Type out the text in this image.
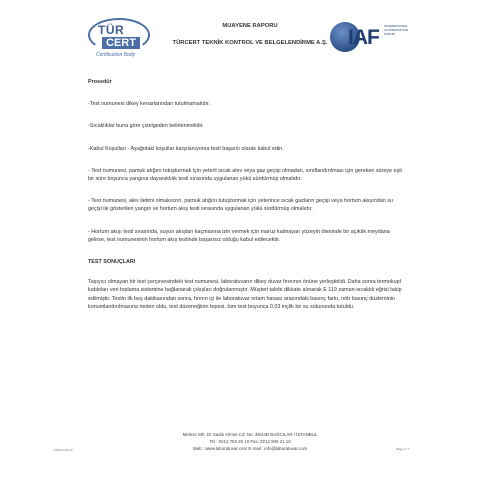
TÜR
CERT
Certification Body
MUAYENE RAPORU
TÜRCERT TEKNİK KONTROL VE BELGELENDİRME A.Ş. IAF INTERNATIONAL ACCREDITATION FORUM

Prosedür

-Test numunesi dikey kenarlarından tutulmamalıdır.

-Sıcaklıklar buna göre çizelgeden belirlenmelidir.

-Kabul Koşulları - Aşağıdaki koşullar karşılanıyorsa testi başarılı olarak kabul edin.

- Test numunesi, pamuk atığını tutuşturmak için yeterli sıcak alev veya gaz geçişi olmadan, sınıflandırılması için gereken süreye eşit bir süre boyunca yangına dayanıklılık testi sırasında uygulanan yükü sürdürmüş olmalıdır.

- Test numunesi, alev iletimi olmaksızın, pamuk atığını tutuşturmak için yeterince sıcak gazların geçişi veya hortum akışından su geçişi ile gösterilen yangın ve hortum akış testi sırasında uygulanan yükü sürdürmüş olmalıdır.

- Hortum akışı testi sırasında, suyun akıştan kaçmasına izin vermek için maruz kalmayan yüzeyin ötesinde bir açıklık meydana gelirse, test numunesinin hortum akış testinde başarısız olduğu kabul edilecektir.

TEST SONUÇLARI

Taşıyıcı olmayan bir test çerçevesindeki test numunesi, laboratuvarın dikey duvar fırınının önüne yerleştirildi. Daha sonra termokupl kabloları veri toplama sistemine bağlanarak çıkışları doğrulanmıştır. Müşteri talebi dikkate alınarak E 119 zaman-sıcaklık eğrisi takip edilmiştir. Testin ilk beş dakikasından sonra, fırının içi ile laboratuvar ortam havası arasındaki basınç farkı, nötr basınç düzleminin konumlandırılmasına neden oldu, test düzeneğinin tepesi, tüm test boyunca 0,03 inçlik bir su sütununda tutuldu.

Merkez Mh. Dr Sadık Ahmet Cd. No: 38/44D BAĞCILAR / İSTANBUL
Tel : 0212 702 20 10 Fax: 0212 909 21 10
Web : www.laboratuvar.com E-mail : info@laboratuvar.com
PRS-FO-08-10	Page 4 / 7
